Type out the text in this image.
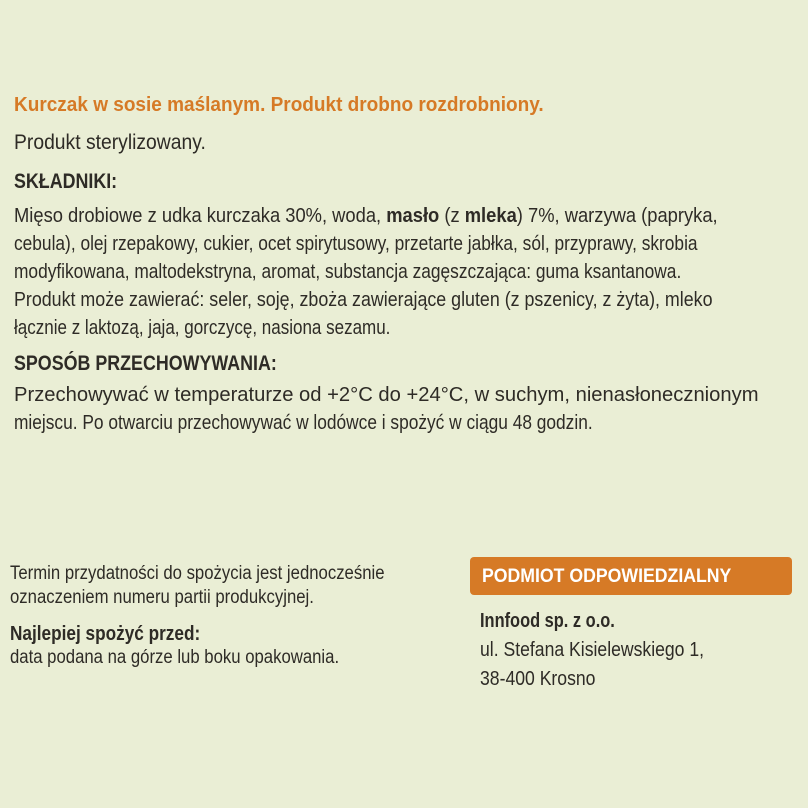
Kurczak w sosie maślanym. Produkt drobno rozdrobniony.
Produkt sterylizowany.
SKŁADNIKI:
Mięso drobiowe z udka kurczaka 30%, woda, masło (z mleka) 7%, warzywa (papryka,
cebula), olej rzepakowy, cukier, ocet spirytusowy, przetarte jabłka, sól, przyprawy, skrobia
modyfikowana, maltodekstryna, aromat, substancja zagęszczająca: guma ksantanowa.
Produkt może zawierać: seler, soję, zboża zawierające gluten (z pszenicy, z żyta), mleko
łącznie z laktozą, jaja, gorczycę, nasiona sezamu.
SPOSÓB PRZECHOWYWANIA:
Przechowywać w temperaturze od +2°C do +24°C, w suchym, nienasłonecznionym
miejscu. Po otwarciu przechowywać w lodówce i spożyć w ciągu 48 godzin.
Termin przydatności do spożycia jest jednocześnie
oznaczeniem numeru partii produkcyjnej.
Najlepiej spożyć przed:
data podana na górze lub boku opakowania.
PODMIOT ODPOWIEDZIALNY
Innfood sp. z o.o.
ul. Stefana Kisielewskiego 1,
38-400 Krosno
